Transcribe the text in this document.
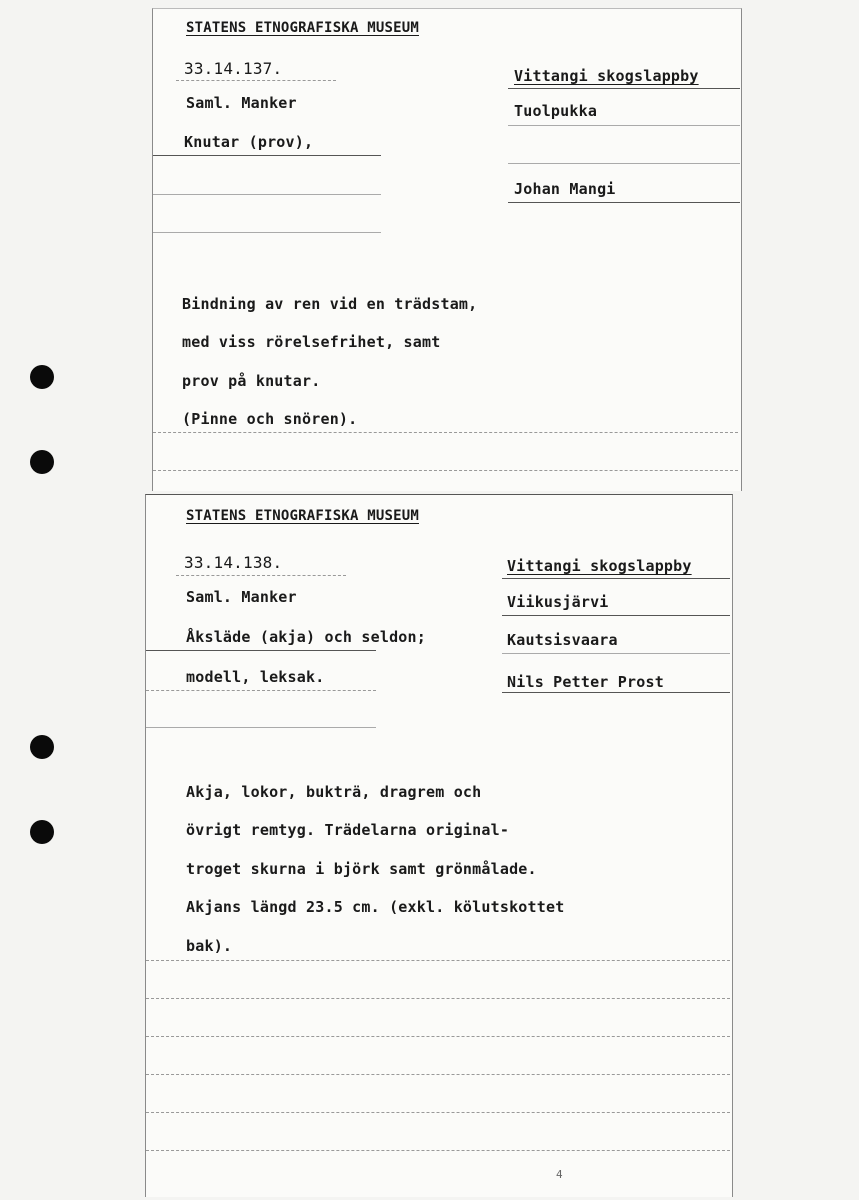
STATENS ETNOGRAFISKA MUSEUM
33.14.137.
Saml. Manker
Knutar (prov),
Vittangi skogslappby
Tuolpukka
Johan Mangi
Bindning av ren vid en trädstam,
med viss rörelsefrihet, samt
prov på knutar.
(Pinne och snören).
STATENS ETNOGRAFISKA MUSEUM
33.14.138.
Saml. Manker
Åksläde (akja) och seldon;
modell, leksak.
Vittangi skogslappby
Viikusjärvi
Kautsisvaara
Nils Petter Prost
Akja, lokor, bukträ, dragrem och
övrigt remtyg. Trädelarna original-
troget skurna i björk samt grönmålade.
Akjans längd 23.5 cm. (exkl. kölutskottet
bak).
4
